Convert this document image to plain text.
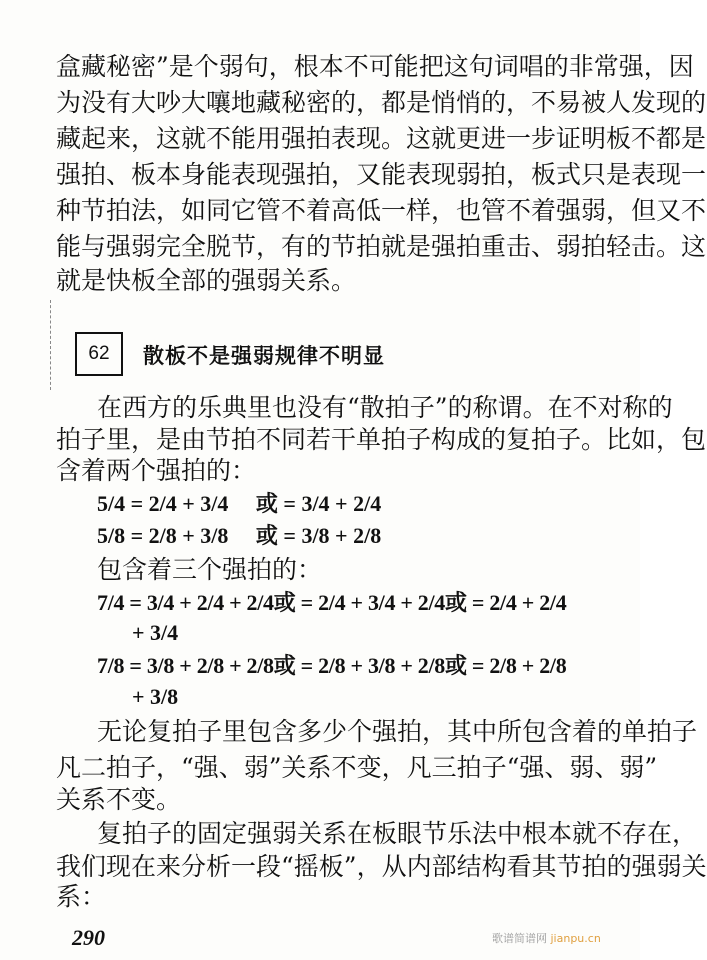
盒藏秘密”是个弱句，根本不可能把这句词唱的非常强，因
为没有大吵大嚷地藏秘密的，都是悄悄的，不易被人发现的
藏起来，这就不能用强拍表现。这就更进一步证明板不都是
强拍、板本身能表现强拍，又能表现弱拍，板式只是表现一
种节拍法，如同它管不着高低一样，也管不着强弱，但又不
能与强弱完全脱节，有的节拍就是强拍重击、弱拍轻击。这
就是快板全部的强弱关系。
62	散板不是强弱规律不明显
在西方的乐典里也没有“散拍子”的称谓。在不对称的
拍子里，是由节拍不同若干单拍子构成的复拍子。比如，包
含着两个强拍的：
5/4 = 2/4 + 3/4　 或 = 3/4 + 2/4
5/8 = 2/8 + 3/8　 或 = 3/8 + 2/8
包含着三个强拍的：
7/4 = 3/4 + 2/4 + 2/4或 = 2/4 + 3/4 + 2/4或 = 2/4 + 2/4
+ 3/4
7/8 = 3/8 + 2/8 + 2/8或 = 2/8 + 3/8 + 2/8或 = 2/8 + 2/8
+ 3/8
无论复拍子里包含多少个强拍，其中所包含着的单拍子
凡二拍子，“强、弱”关系不变，凡三拍子“强、弱、弱”
关系不变。
复拍子的固定强弱关系在板眼节乐法中根本就不存在，
我们现在来分析一段“摇板”，从内部结构看其节拍的强弱关
系：
290	歌谱简谱网 jianpu.cn
